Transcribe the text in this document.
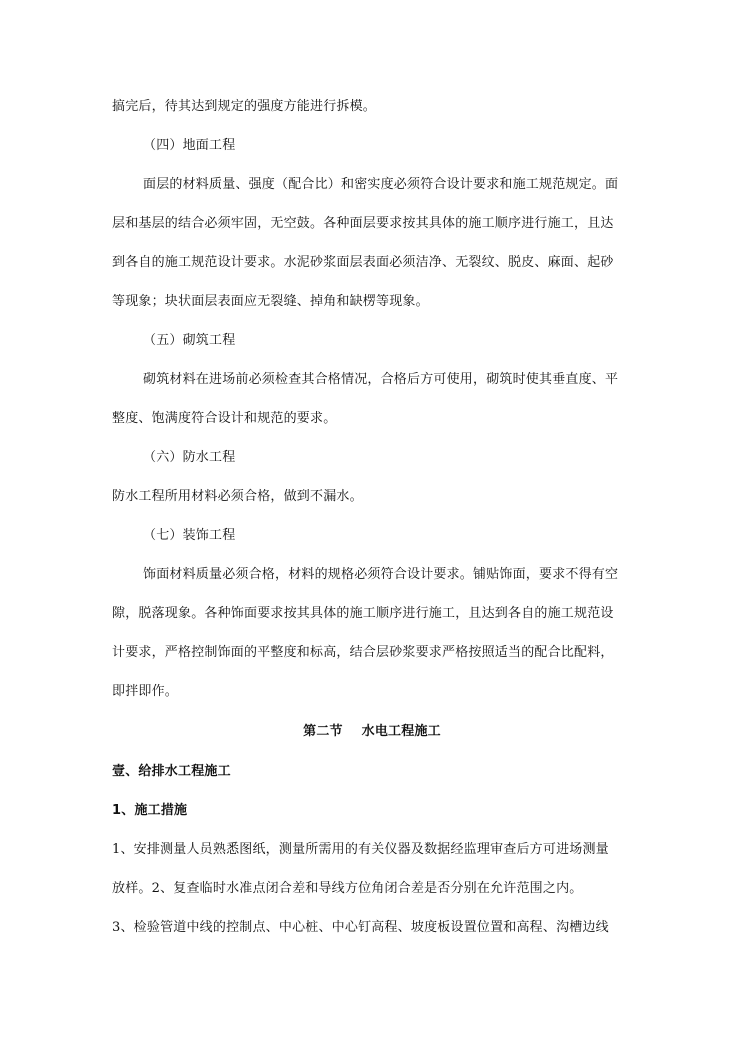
搞完后，待其达到规定的强度方能进行拆模。
（四）地面工程
面层的材料质量、强度（配合比）和密实度必须符合设计要求和施工规范规定。面
层和基层的结合必须牢固，无空鼓。各种面层要求按其具体的施工顺序进行施工，且达
到各自的施工规范设计要求。水泥砂浆面层表面必须洁净、无裂纹、脱皮、麻面、起砂
等现象；块状面层表面应无裂缝、掉角和缺楞等现象。
（五）砌筑工程
砌筑材料在进场前必须检查其合格情况，合格后方可使用，砌筑时使其垂直度、平
整度、饱满度符合设计和规范的要求。
（六）防水工程
防水工程所用材料必须合格，做到不漏水。
（七）装饰工程
饰面材料质量必须合格，材料的规格必须符合设计要求。铺贴饰面，要求不得有空
隙，脱落现象。各种饰面要求按其具体的施工顺序进行施工，且达到各自的施工规范设
计要求，严格控制饰面的平整度和标高，结合层砂浆要求严格按照适当的配合比配料，
即拌即作。
第二节    水电工程施工
壹、给排水工程施工
1、施工措施
1、安排测量人员熟悉图纸，测量所需用的有关仪器及数据经监理审查后方可进场测量
放样。2、复查临时水准点闭合差和导线方位角闭合差是否分别在允许范围之内。
3、检验管道中线的控制点、中心桩、中心钉高程、坡度板设置位置和高程、沟槽边线
